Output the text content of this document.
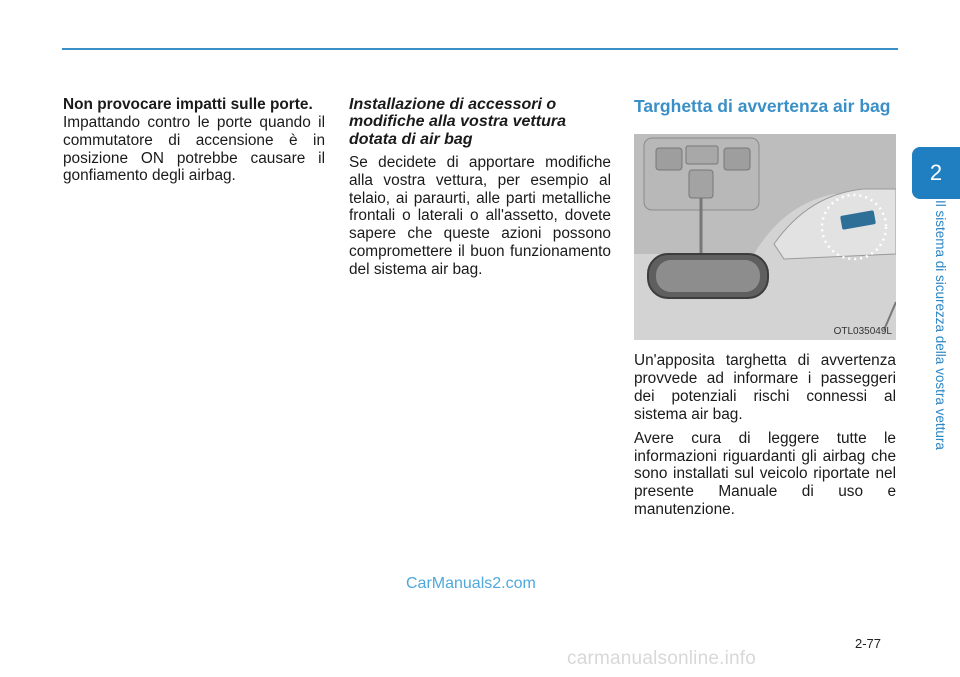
Non provocare impatti sulle porte.

Impattando contro le porte quando il commutatore di accensione è in posizione ON potrebbe causare il gonfiamento degli airbag.

Installazione di accessori o modifiche alla vostra vettura dotata di air bag

Se decidete di apportare modifiche alla vostra vettura, per esempio al telaio, ai paraurti, alle parti metalliche frontali o laterali o all'assetto, dovete sapere che queste azioni possono compromettere il buon funzionamento del sistema air bag.

Targhetta di avvertenza air bag

OTL035049L

Un'apposita targhetta di avvertenza provvede ad informare i passeggeri dei potenziali rischi connessi al sistema air bag.

Avere cura di leggere tutte le informazioni riguardanti gli airbag che sono installati sul veicolo riportate nel presente Manuale di uso e manutenzione.

2
Il sistema di sicurezza della vostra vettura
2-77
CarManuals2.com
carmanualsonline.info
